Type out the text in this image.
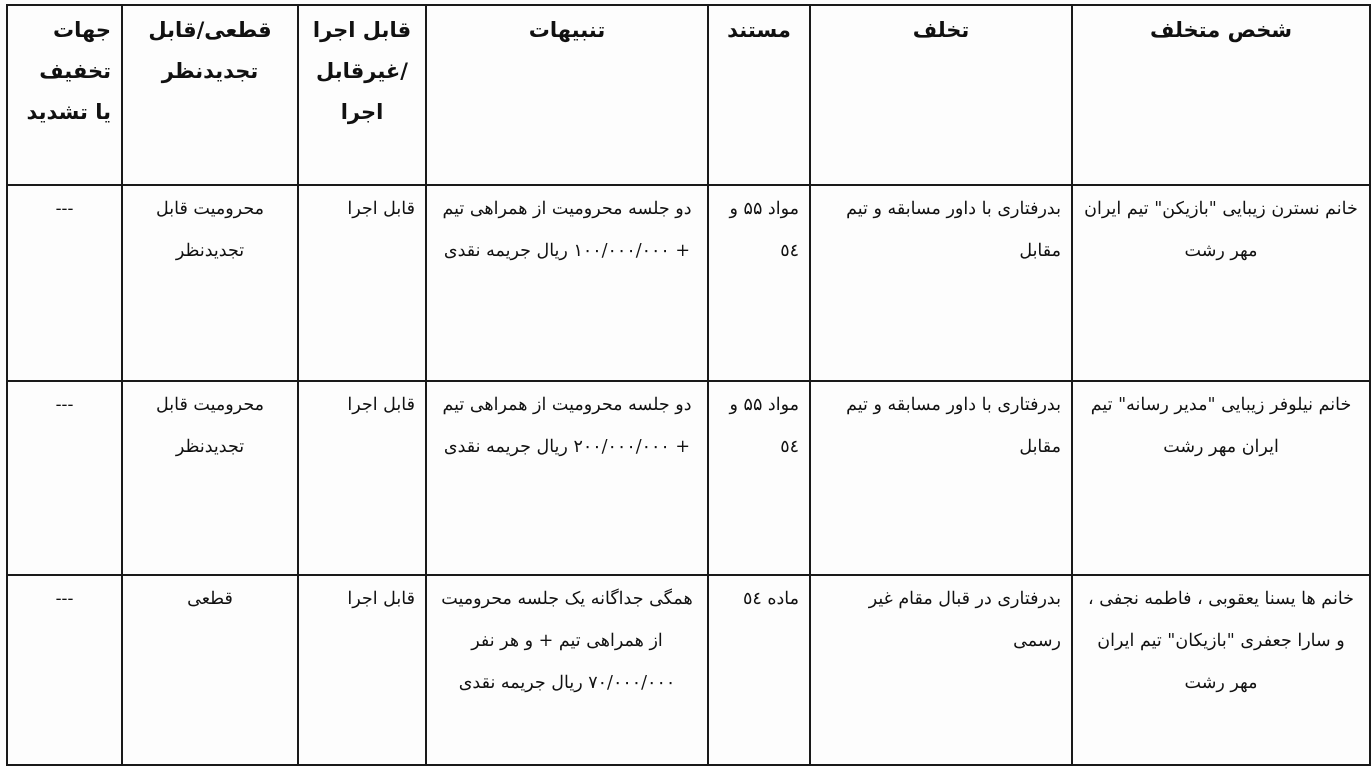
شخص متخلف	تخلف	مستند	تنبیهات	قابل اجرا /غیرقابل اجرا	قطعی/قابل تجدیدنظر	جهات تخفیف یا تشدید
خانم نسترن زیبایی "بازیکن" تیم ایران مهر رشت	بدرفتاری با داور مسابقه و تیم مقابل	مواد ۵۵ و ٥٤	دو جلسه محرومیت از همراهی تیم + ۱۰۰/۰۰۰/۰۰۰ ریال جریمه نقدی	قابل اجرا	محرومیت قابل تجدیدنظر	---
خانم نیلوفر زیبایی "مدیر رسانه" تیم ایران مهر رشت	بدرفتاری با داور مسابقه و تیم مقابل	مواد ۵۵ و ٥٤	دو جلسه محرومیت از همراهی تیم + ۲۰۰/۰۰۰/۰۰۰ ریال جریمه نقدی	قابل اجرا	محرومیت قابل تجدیدنظر	---
خانم ها یسنا یعقوبی ، فاطمه نجفی ، و سارا جعفری "بازیکان" تیم ایران مهر رشت	بدرفتاری در قبال مقام غیر رسمی	ماده ٥٤	همگی جداگانه یک جلسه محرومیت از همراهی تیم + و هر نفر ۷۰/۰۰۰/۰۰۰ ریال جریمه نقدی	قابل اجرا	قطعی	---
